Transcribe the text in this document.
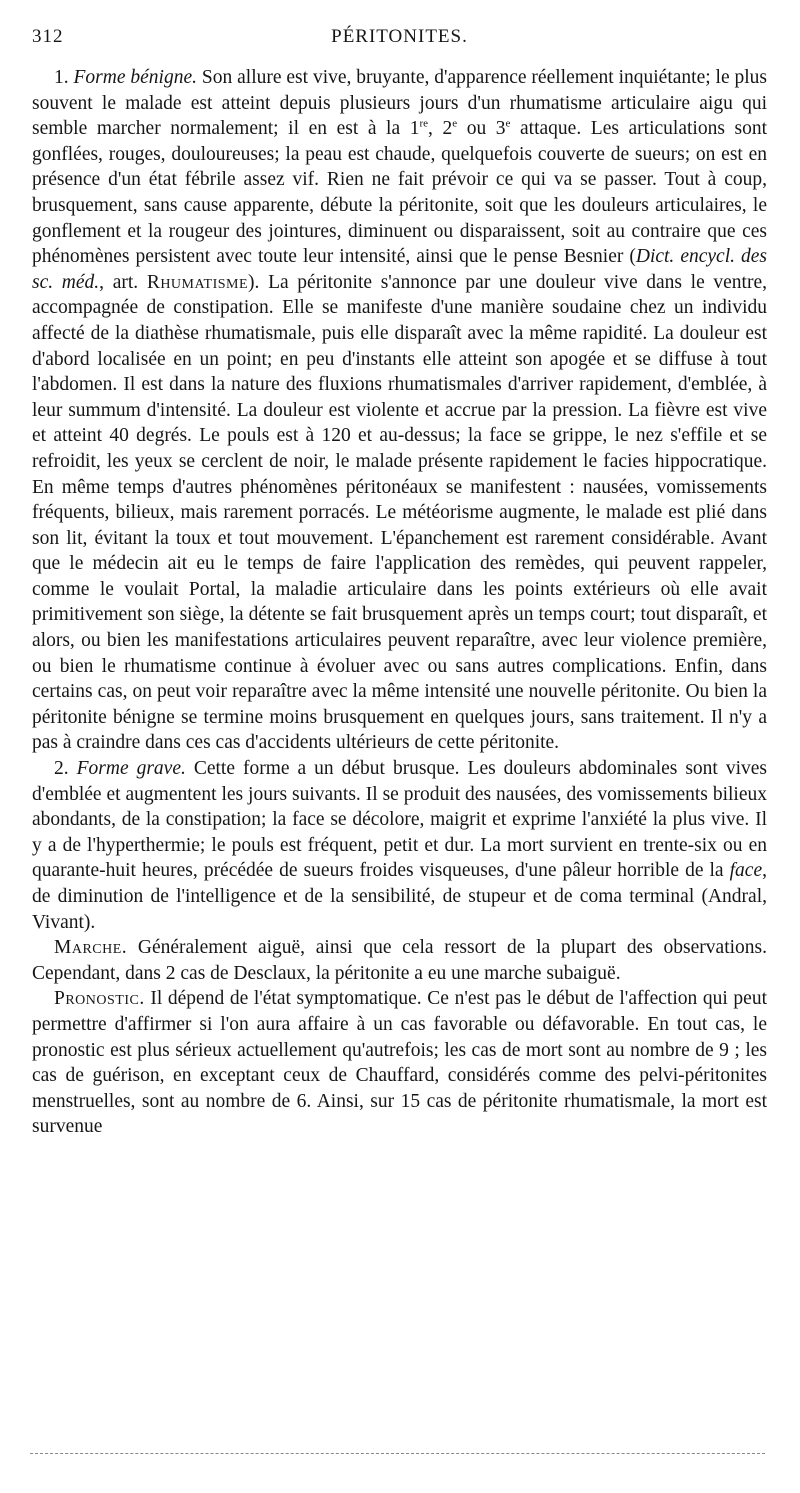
312	PÉRITONITES.

1. Forme bénigne. Son allure est vive, bruyante, d'apparence réellement inquiétante; le plus souvent le malade est atteint depuis plusieurs jours d'un rhumatisme articulaire aigu qui semble marcher normalement; il en est à la 1re, 2e ou 3e attaque. Les articulations sont gonflées, rouges, douloureuses; la peau est chaude, quelquefois couverte de sueurs; on est en présence d'un état fébrile assez vif. Rien ne fait prévoir ce qui va se passer. Tout à coup, brusquement, sans cause apparente, débute la péritonite, soit que les douleurs articulaires, le gonflement et la rougeur des jointures, diminuent ou disparaissent, soit au contraire que ces phénomènes persistent avec toute leur intensité, ainsi que le pense Besnier (Dict. encycl. des sc. méd., art. Rhumatisme). La péritonite s'annonce par une douleur vive dans le ventre, accompagnée de constipation. Elle se manifeste d'une manière soudaine chez un individu affecté de la diathèse rhumatismale, puis elle disparaît avec la même rapidité. La douleur est d'abord localisée en un point; en peu d'instants elle atteint son apogée et se diffuse à tout l'abdomen. Il est dans la nature des fluxions rhumatismales d'arriver rapidement, d'emblée, à leur summum d'intensité. La douleur est violente et accrue par la pression. La fièvre est vive et atteint 40 degrés. Le pouls est à 120 et au-dessus; la face se grippe, le nez s'effile et se refroidit, les yeux se cerclent de noir, le malade présente rapidement le facies hippocratique. En même temps d'autres phénomènes péritonéaux se manifestent : nausées, vomissements fréquents, bilieux, mais rarement porracés. Le météorisme augmente, le malade est plié dans son lit, évitant la toux et tout mouvement. L'épanchement est rarement considérable. Avant que le médecin ait eu le temps de faire l'application des remèdes, qui peuvent rappeler, comme le voulait Portal, la maladie articulaire dans les points extérieurs où elle avait primitivement son siège, la détente se fait brusquement après un temps court; tout disparaît, et alors, ou bien les manifestations articulaires peuvent reparaître, avec leur violence première, ou bien le rhumatisme continue à évoluer avec ou sans autres complications. Enfin, dans certains cas, on peut voir reparaître avec la même intensité une nouvelle péritonite. Ou bien la péritonite bénigne se termine moins brusquement en quelques jours, sans traitement. Il n'y a pas à craindre dans ces cas d'accidents ultérieurs de cette péritonite.

2. Forme grave. Cette forme a un début brusque. Les douleurs abdominales sont vives d'emblée et augmentent les jours suivants. Il se produit des nausées, des vomissements bilieux abondants, de la constipation; la face se décolore, maigrit et exprime l'anxiété la plus vive. Il y a de l'hyperthermie; le pouls est fréquent, petit et dur. La mort survient en trente-six ou en quarante-huit heures, précédée de sueurs froides visqueuses, d'une pâleur horrible de la face, de diminution de l'intelligence et de la sensibilité, de stupeur et de coma terminal (Andral, Vivant).

Marche. Généralement aiguë, ainsi que cela ressort de la plupart des observations. Cependant, dans 2 cas de Desclaux, la péritonite a eu une marche subaiguë.

Pronostic. Il dépend de l'état symptomatique. Ce n'est pas le début de l'affection qui peut permettre d'affirmer si l'on aura affaire à un cas favorable ou défavorable. En tout cas, le pronostic est plus sérieux actuellement qu'autrefois; les cas de mort sont au nombre de 9 ; les cas de guérison, en exceptant ceux de Chauffard, considérés comme des pelvi-péritonites menstruelles, sont au nombre de 6. Ainsi, sur 15 cas de péritonite rhumatismale, la mort est survenue
